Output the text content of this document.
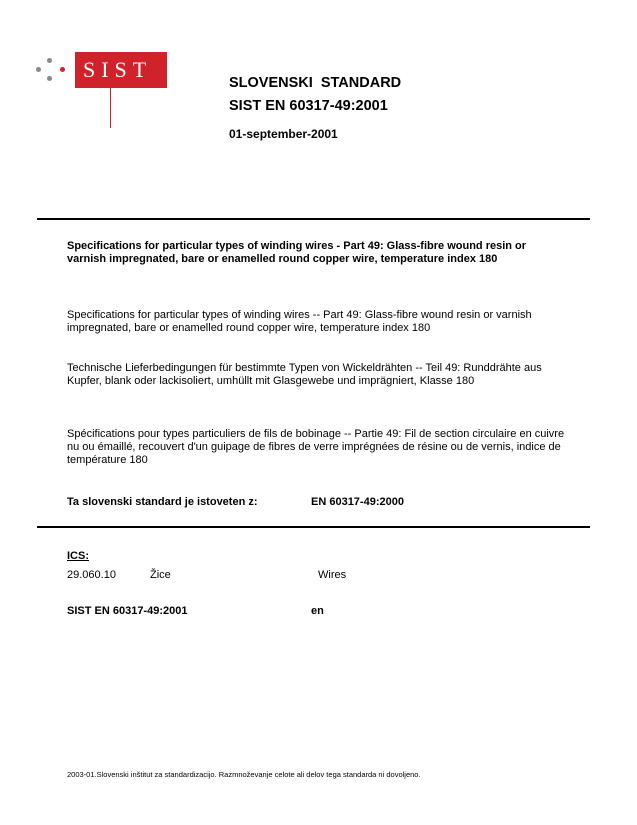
SIST
SLOVENSKI  STANDARD
SIST EN 60317-49:2001
01-september-2001
Specifications for particular types of winding wires - Part 49: Glass-fibre wound resin or varnish impregnated, bare or enamelled round copper wire, temperature index 180
Specifications for particular types of winding wires -- Part 49: Glass-fibre wound resin or varnish impregnated, bare or enamelled round copper wire, temperature index 180
Technische Lieferbedingungen für bestimmte Typen von Wickeldrähten -- Teil 49: Runddrähte aus Kupfer, blank oder lackisoliert, umhüllt mit Glasgewebe und imprägniert, Klasse 180
Spécifications pour types particuliers de fils de bobinage -- Partie 49: Fil de section circulaire en cuivre nu ou émaillé, recouvert d'un guipage de fibres de verre imprégnées de résine ou de vernis, indice de température 180
Ta slovenski standard je istoveten z:	EN 60317-49:2000
ICS:
29.060.10	Žice	Wires
SIST EN 60317-49:2001	en
2003-01.Slovenski inštitut za standardizacijo. Razmnoževanje celote ali delov tega standarda ni dovoljeno.
